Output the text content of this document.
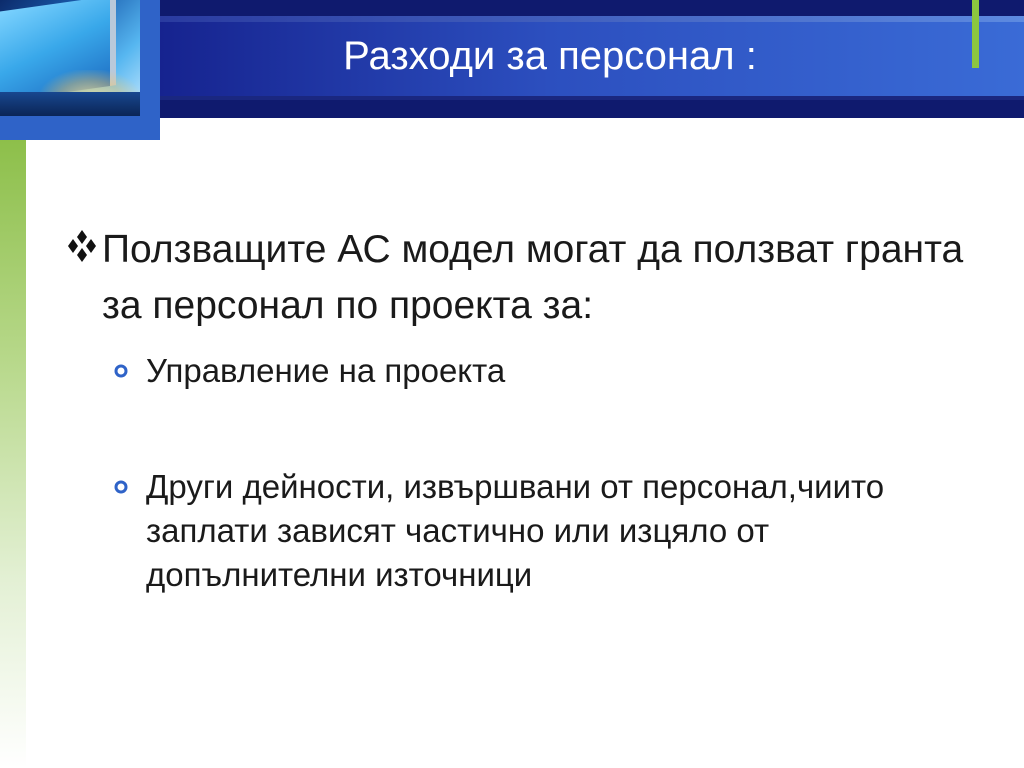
Разходи за персонал :
Ползващите АС модел могат да ползват гранта за персонал по проекта за:
Управление на проекта
Други дейности, извършвани от персонал,чиито заплати зависят частично или изцяло от допълнителни източници
